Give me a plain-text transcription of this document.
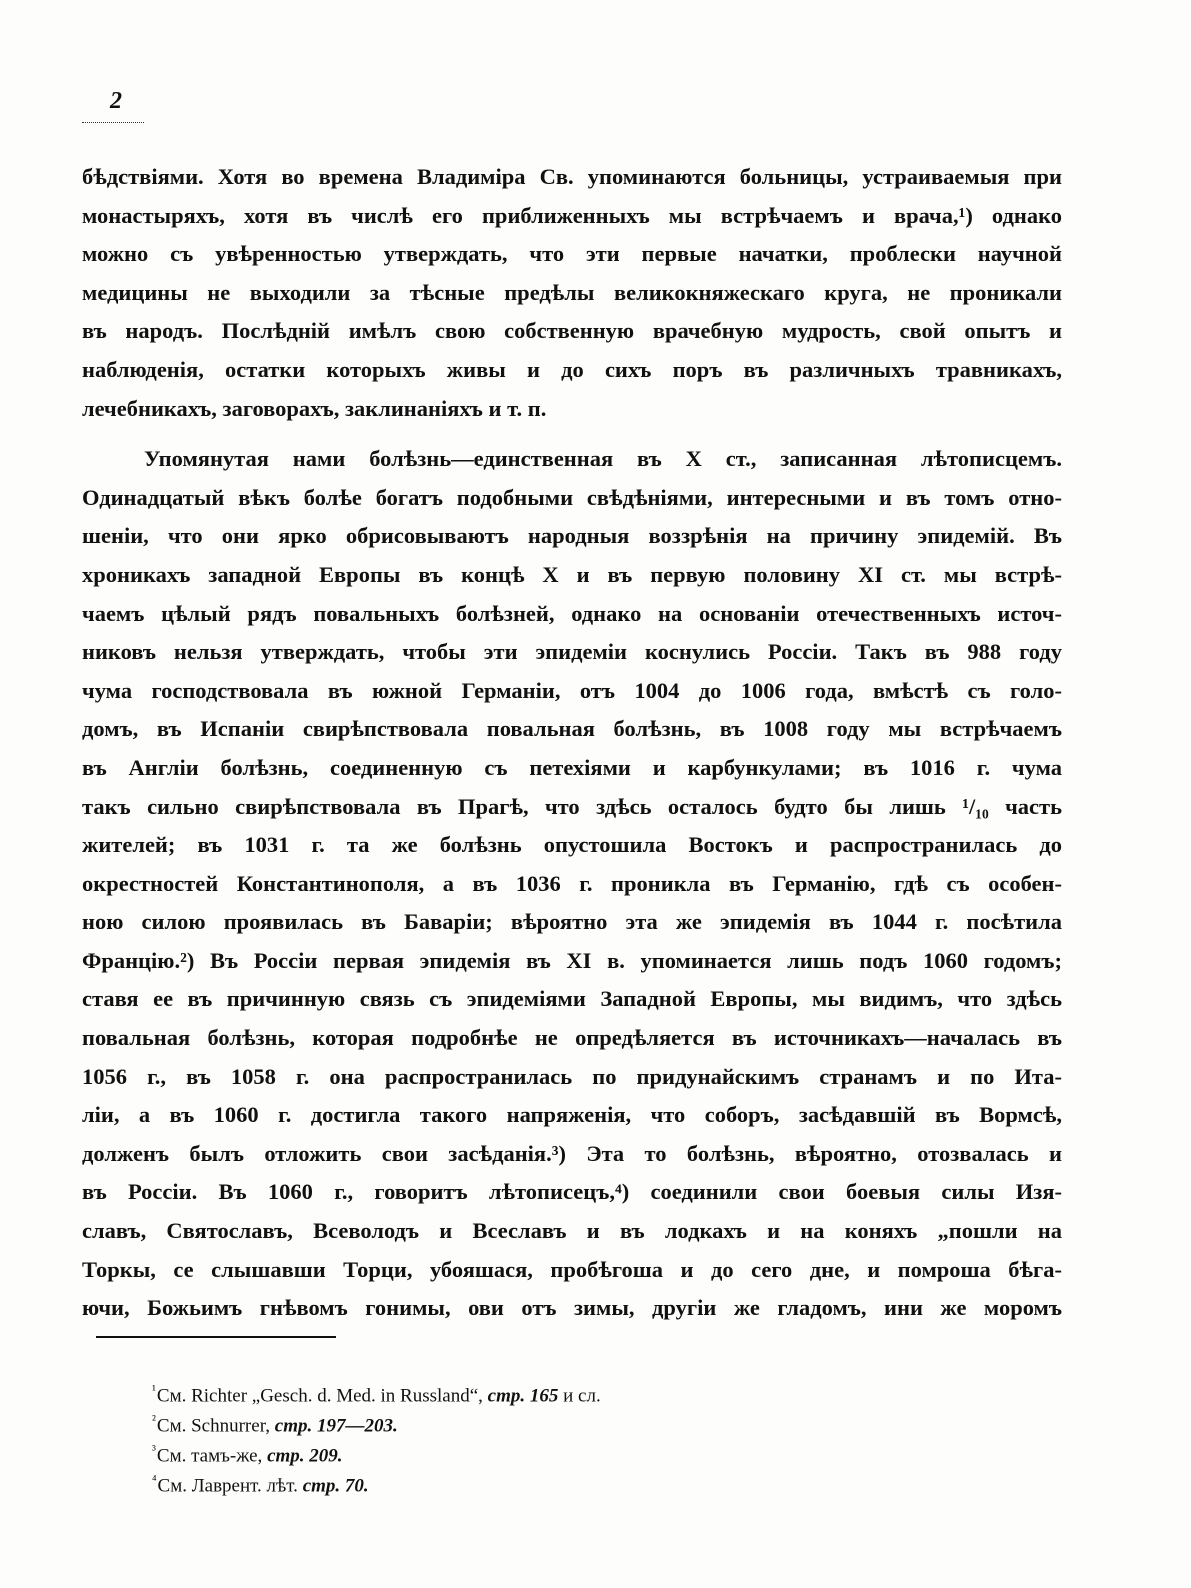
2
бѣдствіями. Хотя во времена Владиміра Св. упоминаются больницы, устраиваемыя при
монастыряхъ, хотя въ числѣ его приближенныхъ мы встрѣчаемъ и врача,¹) однако
можно съ увѣренностью утверждать, что эти первые начатки, проблески научной
медицины не выходили за тѣсные предѣлы великокняжескаго круга, не проникали
въ народъ. Послѣдній имѣлъ свою собственную врачебную мудрость, свой опытъ и
наблюденія, остатки которыхъ живы и до сихъ поръ въ различныхъ травникахъ,
лечебникахъ, заговорахъ, заклинаніяхъ и т. п.
Упомянутая нами болѣзнь—единственная въ X ст., записанная лѣтописцемъ.
Одинадцатый вѣкъ болѣе богатъ подобными свѣдѣніями, интересными и въ томъ отно-
шеніи, что они ярко обрисовываютъ народныя воззрѣнія на причину эпидемій. Въ
хроникахъ западной Европы въ концѣ X и въ первую половину XI ст. мы встрѣ-
чаемъ цѣлый рядъ повальныхъ болѣзней, однако на основаніи отечественныхъ источ-
никовъ нельзя утверждать, чтобы эти эпидеміи коснулись Россіи. Такъ въ 988 году
чума господствовала въ южной Германіи, отъ 1004 до 1006 года, вмѣстѣ съ голо-
домъ, въ Испаніи свирѣпствовала повальная болѣзнь, въ 1008 году мы встрѣчаемъ
въ Англіи болѣзнь, соединенную съ петехіями и карбункулами; въ 1016 г. чума
такъ сильно свирѣпствовала въ Прагѣ, что здѣсь осталось будто бы лишь ¹/₁₀ часть
жителей; въ 1031 г. та же болѣзнь опустошила Востокъ и распространилась до
окрестностей Константинополя, а въ 1036 г. проникла въ Германію, гдѣ съ особен-
ною силою проявилась въ Баваріи; вѣроятно эта же эпидемія въ 1044 г. посѣтила
Францію.²) Въ Россіи первая эпидемія въ XI в. упоминается лишь подъ 1060 годомъ;
ставя ее въ причинную связь съ эпидеміями Западной Европы, мы видимъ, что здѣсь
повальная болѣзнь, которая подробнѣе не опредѣляется въ источникахъ—началась въ
1056 г., въ 1058 г. она распространилась по придунайскимъ странамъ и по Ита-
ліи, а въ 1060 г. достигла такого напряженія, что соборъ, засѣдавшій въ Вормсѣ,
долженъ былъ отложить свои засѣданія.³) Эта то болѣзнь, вѣроятно, отозвалась и
въ Россіи. Въ 1060 г., говоритъ лѣтописецъ,⁴) соединили свои боевыя силы Изя-
славъ, Святославъ, Всеволодъ и Всеславъ и въ лодкахъ и на коняхъ „пошли на
Торкы, се слышавши Торци, убояшася, пробѣгоша и до сего дне, и помроша бѣга-
ючи, Божьимъ гнѣвомъ гонимы, ови отъ зимы, другіи же гладомъ, ини же моромъ
$^{^1}$См. Richter „Gesch. d. Med. in Russland“, стр. 165 и сл.
$^{^2}$См. Schnurrer, стр. 197—203.
$^{^3}$См. тамъ-же, стр. 209.
$^{^4}$См. Лаврент. лѣт. стр. 70.
